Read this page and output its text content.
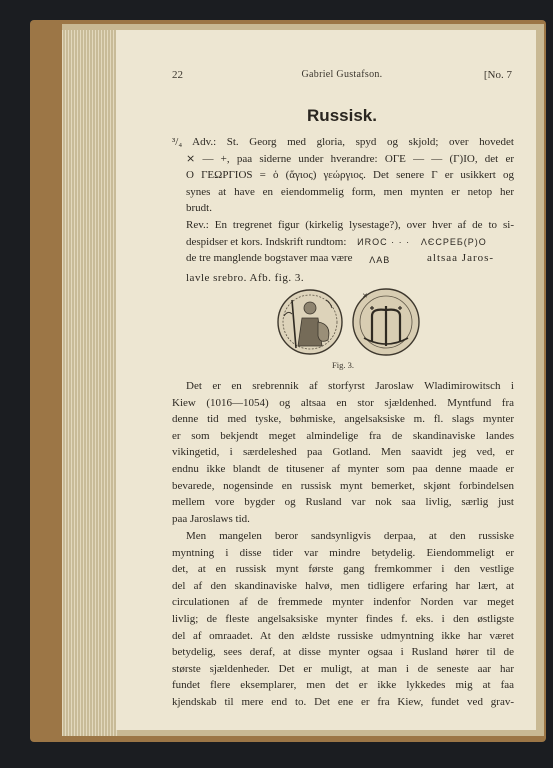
22	Gabriel Gustafson.	[No. 7
Russisk.
³/₄ Adv.: St. Georg med gloria, spyd og skjold; over hovedet
⨯ — +, paa siderne under hverandre: OΓE — — (Γ)IO, det er
O ΓEΩΡΓIOS = ὁ (ἅγιος) γεώργιος. Det senere Γ er usikkert og
synes at have en eiendommelig form, men mynten er netop her
brudt.
Rev.: En tregrenet figur (kirkelig lysestage?), over hver af de to si-
despidser et kors. Indskrift rundtom: ИROC · · · ΛЄCPEБ(Р)O
de tre manglende bogstaver maa være ΛΑΒ	altsaa Jaros-
lavle srebro. Afb. fig. 3.
✕
Fig. 3.
Det er en srebrennik af storfyrst Jaroslaw Wladimirowitsch i
Kiew (1016—1054) og altsaa en stor sjældenhed. Myntfund fra
denne tid med tyske, bøhmiske, angelsaksiske m. fl. slags mynter
er som bekjendt meget almindelige fra de skandinaviske landes
vikingetid, i særdeleshed paa Gotland. Men saavidt jeg ved, er
endnu ikke blandt de titusener af mynter som paa denne maade er
bevarede, nogensinde en russisk mynt bemerket, skjønt forbindelsen
mellem vore bygder og Rusland var nok saa livlig, særlig just
paa Jaroslaws tid.
Men mangelen beror sandsynligvis derpaa, at den russiske
myntning i disse tider var mindre betydelig. Eiendommeligt er
det, at en russisk mynt første gang fremkommer i den vestlige
del af den skandinaviske halvø, men tidligere erfaring har lært, at
circulationen af de fremmede mynter indenfor Norden var meget
livlig; de fleste angelsaksiske mynter findes f. eks. i den østligste
del af omraadet. At den ældste russiske udmyntning ikke har været
betydelig, sees deraf, at disse mynter ogsaa i Rusland hører til de
største sjældenheder. Det er muligt, at man i de seneste aar har
fundet flere eksemplarer, men det er ikke lykkedes mig at faa
kjendskab til mere end to. Det ene er fra Kiew, fundet ved grav-
